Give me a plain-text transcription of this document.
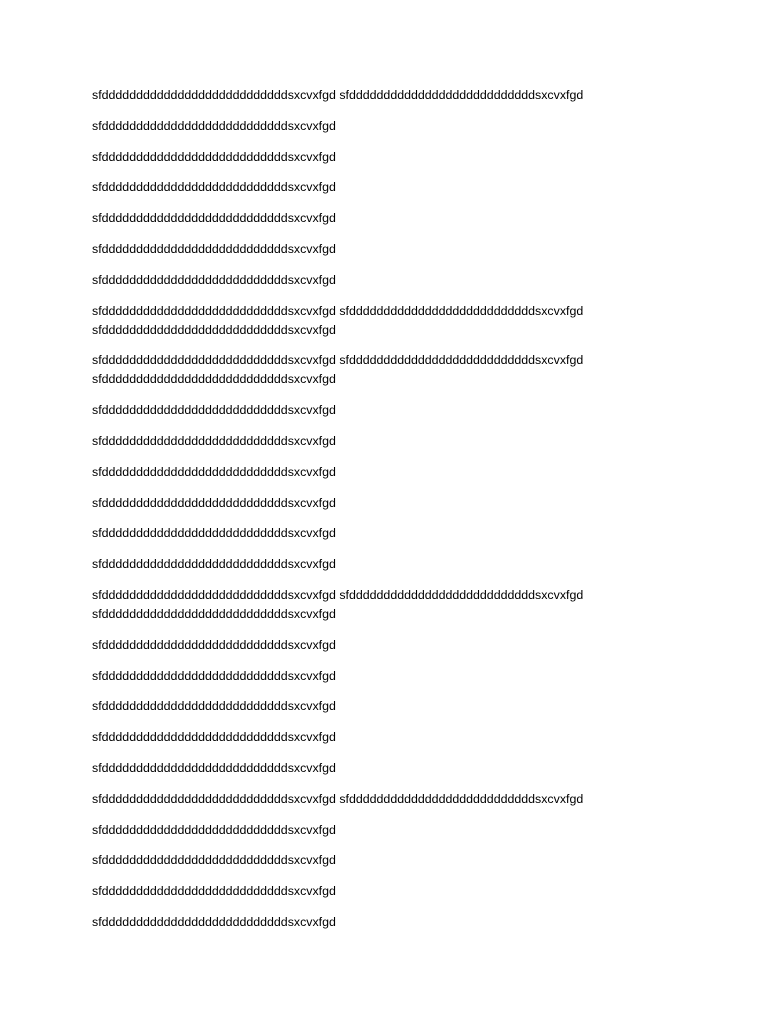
sfdddddddddddddddddddddddddddsxcvxfgd sfdddddddddddddddddddddddddddsxcvxfgd

sfdddddddddddddddddddddddddddsxcvxfgd

sfdddddddddddddddddddddddddddsxcvxfgd

sfdddddddddddddddddddddddddddsxcvxfgd

sfdddddddddddddddddddddddddddsxcvxfgd

sfdddddddddddddddddddddddddddsxcvxfgd

sfdddddddddddddddddddddddddddsxcvxfgd

sfdddddddddddddddddddddddddddsxcvxfgd sfdddddddddddddddddddddddddddsxcvxfgd
sfdddddddddddddddddddddddddddsxcvxfgd

sfdddddddddddddddddddddddddddsxcvxfgd sfdddddddddddddddddddddddddddsxcvxfgd
sfdddddddddddddddddddddddddddsxcvxfgd

sfdddddddddddddddddddddddddddsxcvxfgd

sfdddddddddddddddddddddddddddsxcvxfgd

sfdddddddddddddddddddddddddddsxcvxfgd

sfdddddddddddddddddddddddddddsxcvxfgd

sfdddddddddddddddddddddddddddsxcvxfgd

sfdddddddddddddddddddddddddddsxcvxfgd

sfdddddddddddddddddddddddddddsxcvxfgd sfdddddddddddddddddddddddddddsxcvxfgd
sfdddddddddddddddddddddddddddsxcvxfgd

sfdddddddddddddddddddddddddddsxcvxfgd

sfdddddddddddddddddddddddddddsxcvxfgd

sfdddddddddddddddddddddddddddsxcvxfgd

sfdddddddddddddddddddddddddddsxcvxfgd

sfdddddddddddddddddddddddddddsxcvxfgd

sfdddddddddddddddddddddddddddsxcvxfgd sfdddddddddddddddddddddddddddsxcvxfgd

sfdddddddddddddddddddddddddddsxcvxfgd

sfdddddddddddddddddddddddddddsxcvxfgd

sfdddddddddddddddddddddddddddsxcvxfgd

sfdddddddddddddddddddddddddddsxcvxfgd
